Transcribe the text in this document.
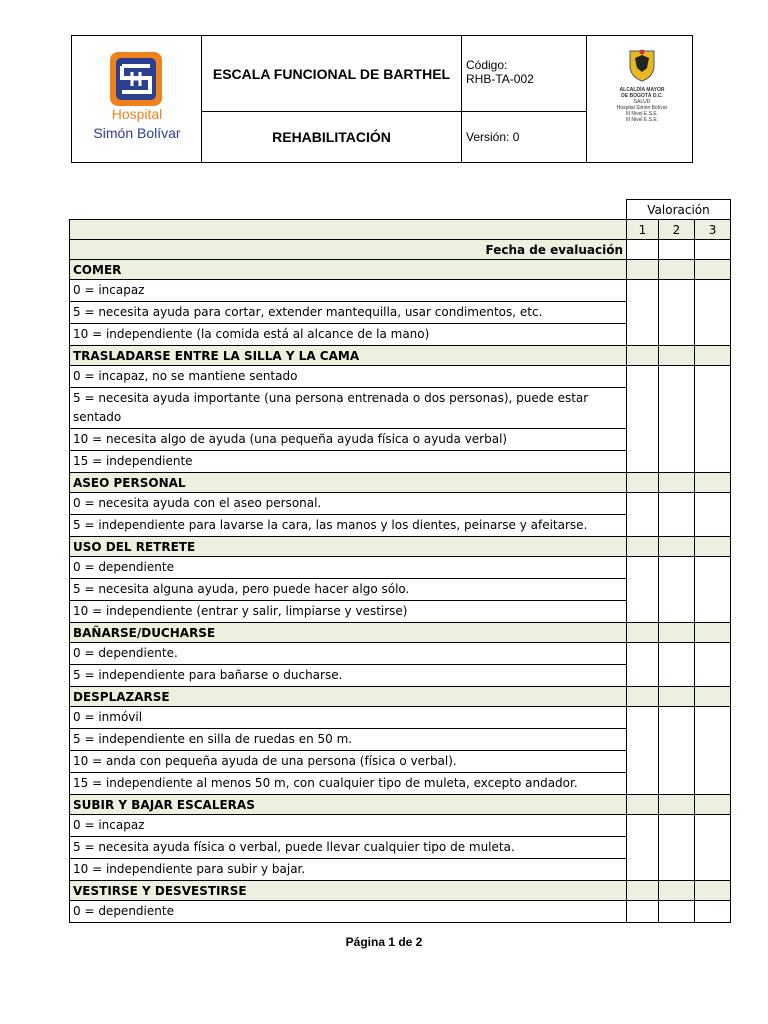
Hospital
Simón Bolívar
ESCALA FUNCIONAL DE BARTHEL
REHABILITACIÓN
Código:
RHB-TA-002
Versión: 0
ALCALDÍA MAYOR
DE BOGOTÁ D.C.
SALUD
Hospital Simón Bolívar
III Nivel E.S.E.
III Nivel E.S.E.
	Valoración		
	1	2	3
Fecha de evaluación			
COMER			
0 = incapaz			
5 = necesita ayuda para cortar, extender mantequilla, usar condimentos, etc.			
10 = independiente (la comida está al alcance de la mano)			
TRASLADARSE ENTRE LA SILLA Y LA CAMA			
0 = incapaz, no se mantiene sentado			
5 = necesita ayuda importante (una persona entrenada o dos personas), puede estar sentado			
10 = necesita algo de ayuda (una pequeña ayuda física o ayuda verbal)			
15 = independiente			
ASEO PERSONAL			
0 = necesita ayuda con el aseo personal.			
5 = independiente para lavarse la cara, las manos y los dientes, peinarse y afeitarse.			
USO DEL RETRETE			
0 = dependiente			
5 = necesita alguna ayuda, pero puede hacer algo sólo.			
10 = independiente (entrar y salir, limpiarse y vestirse)			
BAÑARSE/DUCHARSE			
0 = dependiente.			
5 = independiente para bañarse o ducharse.			
DESPLAZARSE			
0 = inmóvil			
5 = independiente en silla de ruedas en 50 m.			
10 = anda con pequeña ayuda de una persona (física o verbal).			
15 = independiente al menos 50 m, con cualquier tipo de muleta, excepto andador.			
SUBIR Y BAJAR ESCALERAS			
0 = incapaz			
5 = necesita ayuda física o verbal, puede llevar cualquier tipo de muleta.			
10 = independiente para subir y bajar.			
VESTIRSE Y DESVESTIRSE			
0 = dependiente			
Página 1 de 2
